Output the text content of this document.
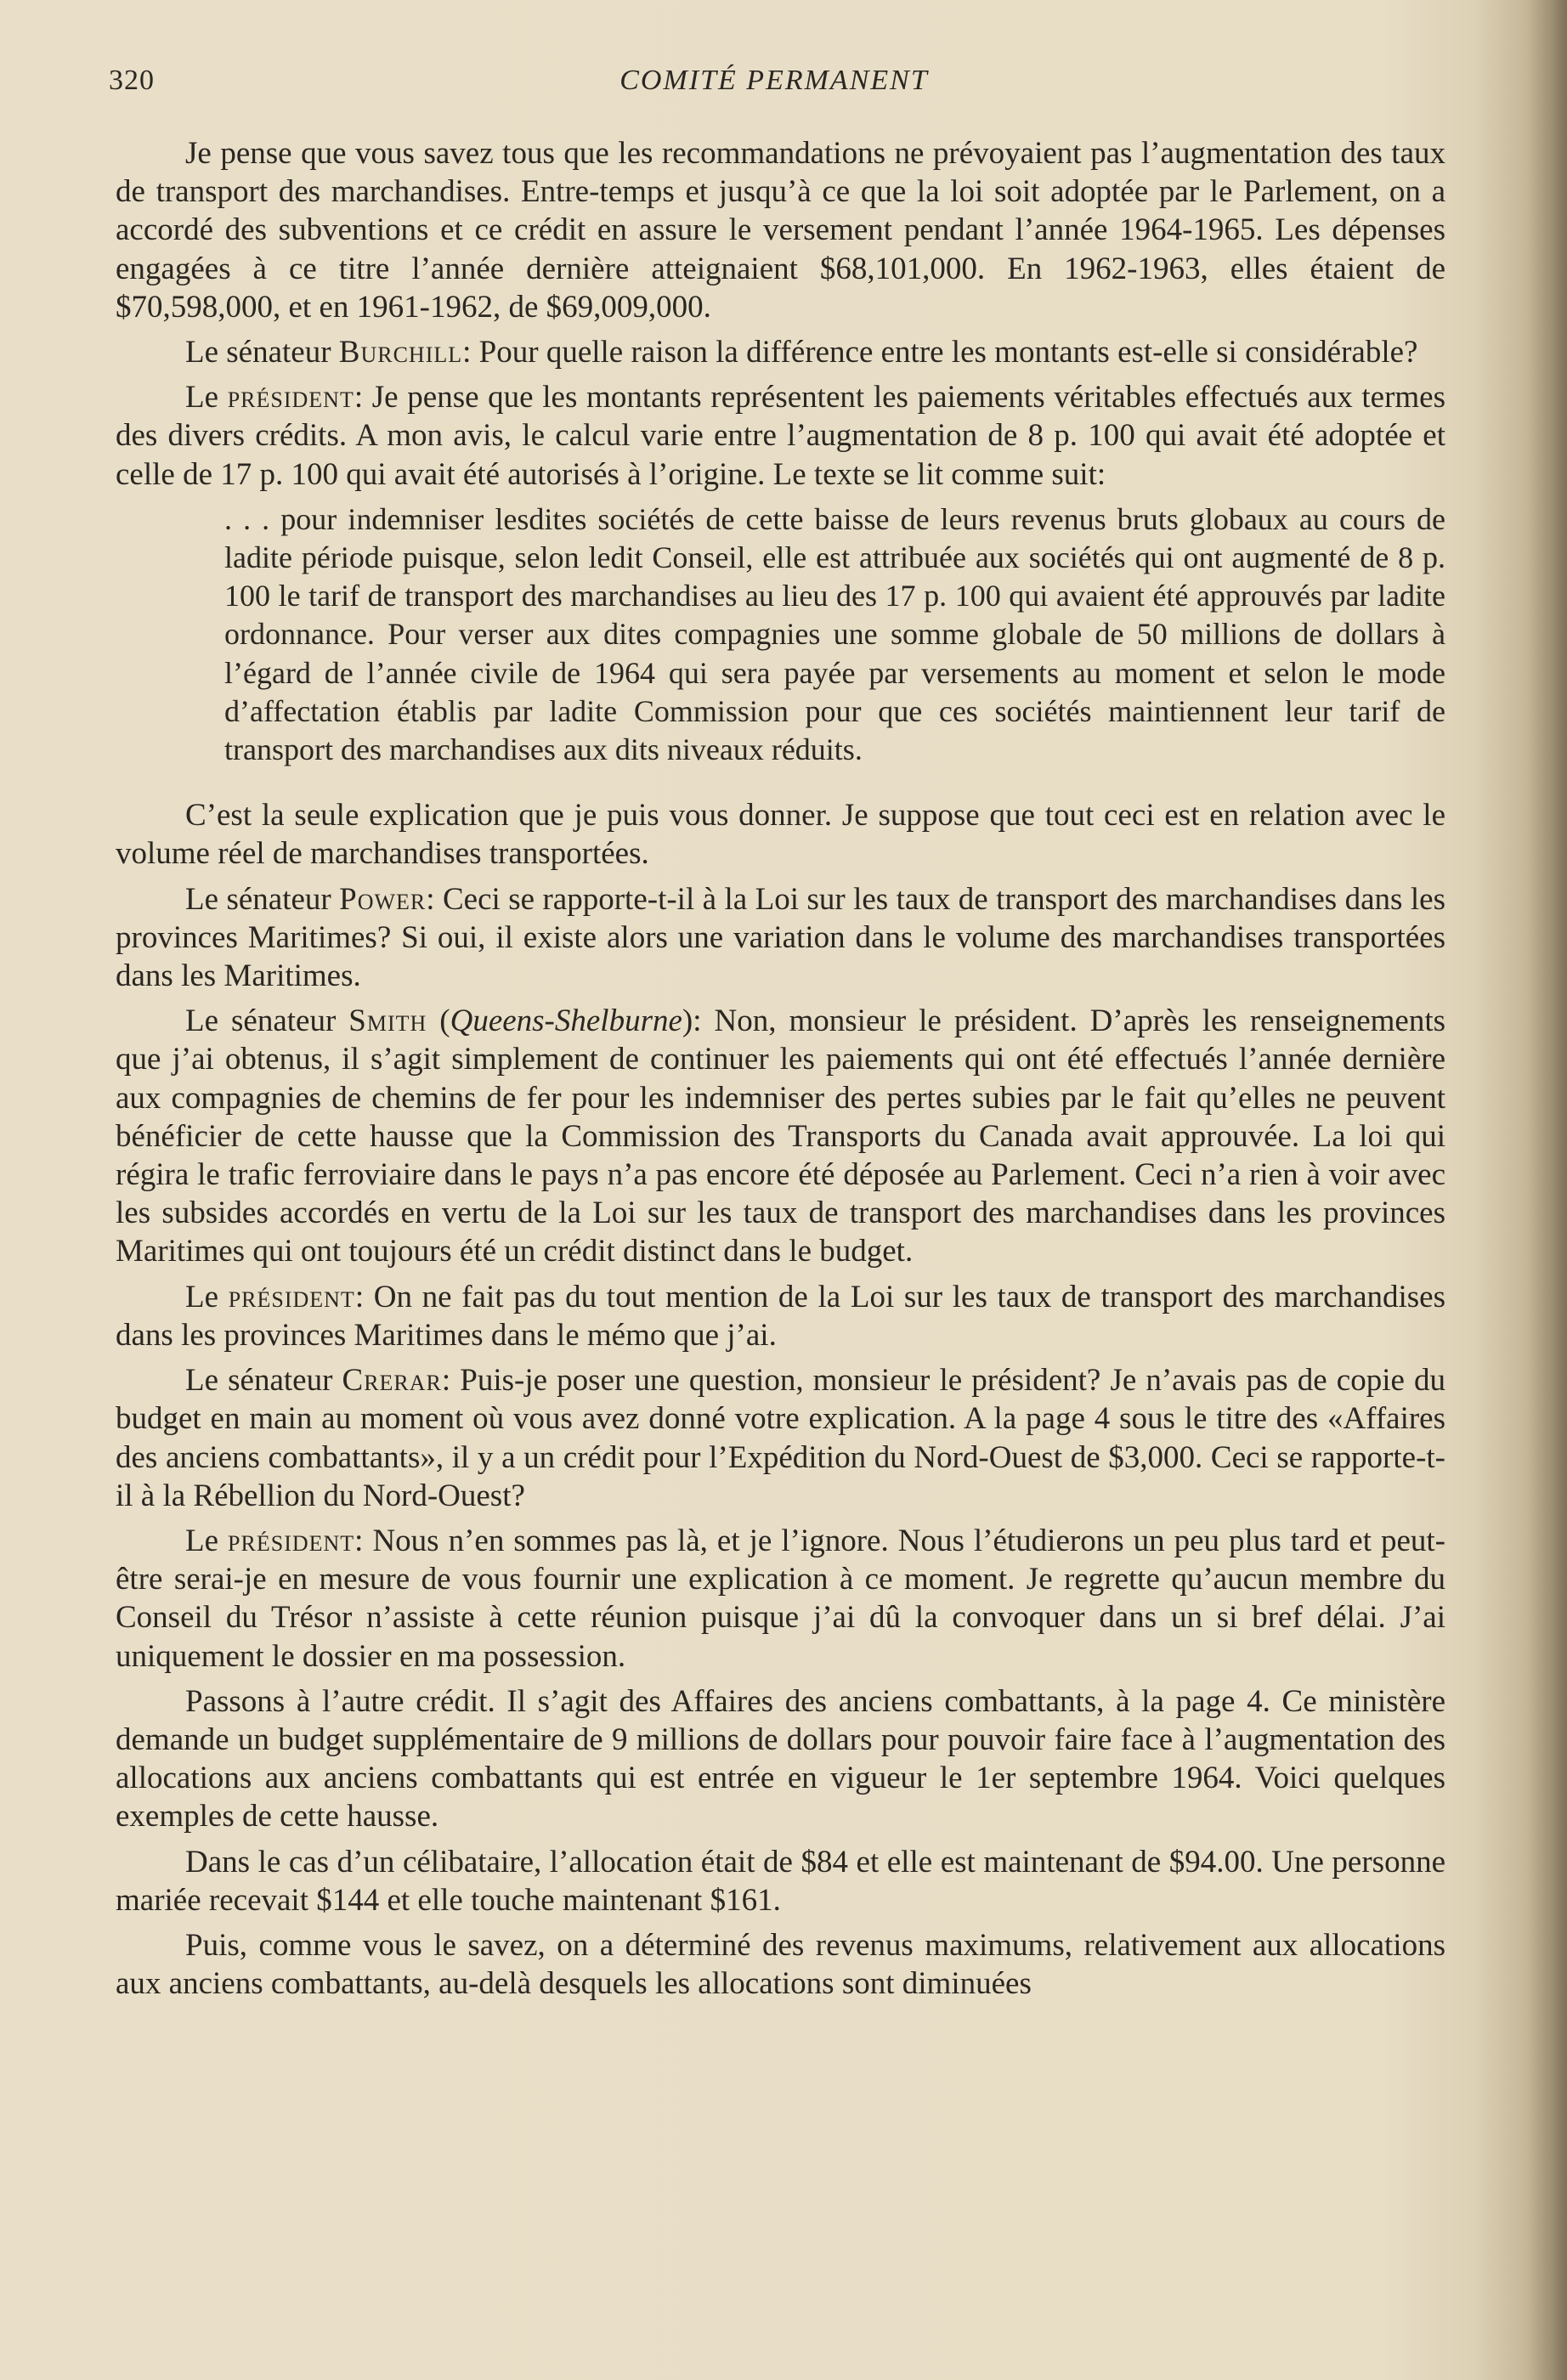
320	COMITÉ PERMANENT

Je pense que vous savez tous que les recommandations ne prévoyaient pas l’augmentation des taux de transport des marchandises. Entre-temps et jusqu’à ce que la loi soit adoptée par le Parlement, on a accordé des subventions et ce crédit en assure le versement pendant l’année 1964-1965. Les dépenses engagées à ce titre l’année dernière atteignaient $68,101,000. En 1962-1963, elles étaient de $70,598,000, et en 1961-1962, de $69,009,000.

Le sénateur Burchill: Pour quelle raison la différence entre les montants est-elle si considérable?

Le président: Je pense que les montants représentent les paiements véritables effectués aux termes des divers crédits. A mon avis, le calcul varie entre l’augmentation de 8 p. 100 qui avait été adoptée et celle de 17 p. 100 qui avait été autorisés à l’origine. Le texte se lit comme suit:

. . . pour indemniser lesdites sociétés de cette baisse de leurs revenus bruts globaux au cours de ladite période puisque, selon ledit Conseil, elle est attribuée aux sociétés qui ont augmenté de 8 p. 100 le tarif de transport des marchandises au lieu des 17 p. 100 qui avaient été approuvés par ladite ordonnance. Pour verser aux dites compagnies une somme globale de 50 millions de dollars à l’égard de l’année civile de 1964 qui sera payée par versements au moment et selon le mode d’affectation établis par ladite Commission pour que ces sociétés maintiennent leur tarif de transport des marchandises aux dits niveaux réduits.

C’est la seule explication que je puis vous donner. Je suppose que tout ceci est en relation avec le volume réel de marchandises transportées.

Le sénateur Power: Ceci se rapporte-t-il à la Loi sur les taux de transport des marchandises dans les provinces Maritimes? Si oui, il existe alors une variation dans le volume des marchandises transportées dans les Maritimes.

Le sénateur Smith (Queens-Shelburne): Non, monsieur le président. D’après les renseignements que j’ai obtenus, il s’agit simplement de continuer les paiements qui ont été effectués l’année dernière aux compagnies de chemins de fer pour les indemniser des pertes subies par le fait qu’elles ne peuvent bénéficier de cette hausse que la Commission des Transports du Canada avait approuvée. La loi qui régira le trafic ferroviaire dans le pays n’a pas encore été déposée au Parlement. Ceci n’a rien à voir avec les subsides accordés en vertu de la Loi sur les taux de transport des marchandises dans les provinces Maritimes qui ont toujours été un crédit distinct dans le budget.

Le président: On ne fait pas du tout mention de la Loi sur les taux de transport des marchandises dans les provinces Maritimes dans le mémo que j’ai.

Le sénateur Crerar: Puis-je poser une question, monsieur le président? Je n’avais pas de copie du budget en main au moment où vous avez donné votre explication. A la page 4 sous le titre des «Affaires des anciens combattants», il y a un crédit pour l’Expédition du Nord-Ouest de $3,000. Ceci se rapporte-t-il à la Rébellion du Nord-Ouest?

Le président: Nous n’en sommes pas là, et je l’ignore. Nous l’étudierons un peu plus tard et peut-être serai-je en mesure de vous fournir une explication à ce moment. Je regrette qu’aucun membre du Conseil du Trésor n’assiste à cette réunion puisque j’ai dû la convoquer dans un si bref délai. J’ai uniquement le dossier en ma possession.

Passons à l’autre crédit. Il s’agit des Affaires des anciens combattants, à la page 4. Ce ministère demande un budget supplémentaire de 9 millions de dollars pour pouvoir faire face à l’augmentation des allocations aux anciens combattants qui est entrée en vigueur le 1er septembre 1964. Voici quelques exemples de cette hausse.

Dans le cas d’un célibataire, l’allocation était de $84 et elle est maintenant de $94.00. Une personne mariée recevait $144 et elle touche maintenant $161.

Puis, comme vous le savez, on a déterminé des revenus maximums, relativement aux allocations aux anciens combattants, au-delà desquels les allocations sont diminuées
